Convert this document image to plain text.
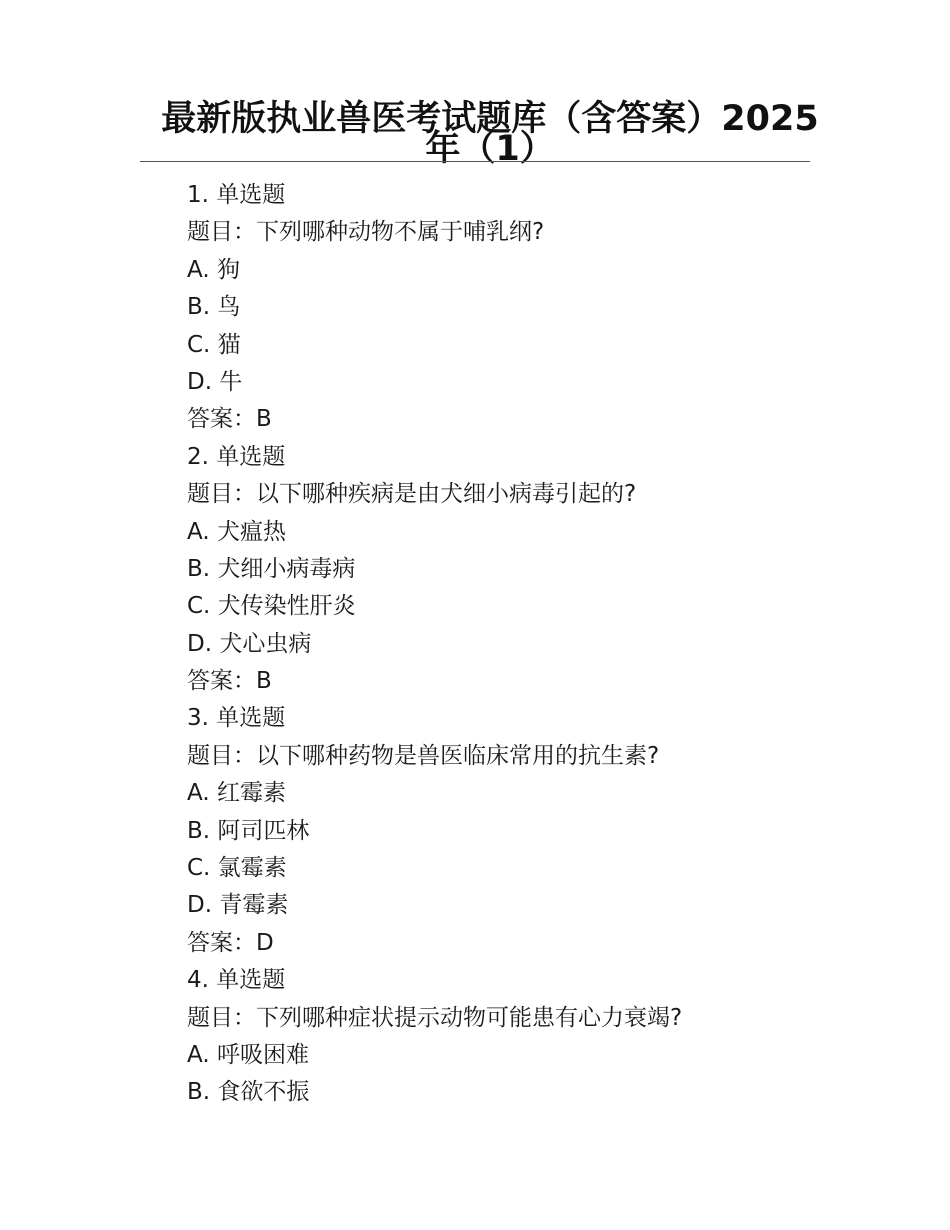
最新版执业兽医考试题库（含答案）2025年（1）
1. 单选题
题目：下列哪种动物不属于哺乳纲?
A. 狗
B. 鸟
C. 猫
D. 牛
答案：B
2. 单选题
题目：以下哪种疾病是由犬细小病毒引起的?
A. 犬瘟热
B. 犬细小病毒病
C. 犬传染性肝炎
D. 犬心虫病
答案：B
3. 单选题
题目：以下哪种药物是兽医临床常用的抗生素?
A. 红霉素
B. 阿司匹林
C. 氯霉素
D. 青霉素
答案：D
4. 单选题
题目：下列哪种症状提示动物可能患有心力衰竭?
A. 呼吸困难
B. 食欲不振
